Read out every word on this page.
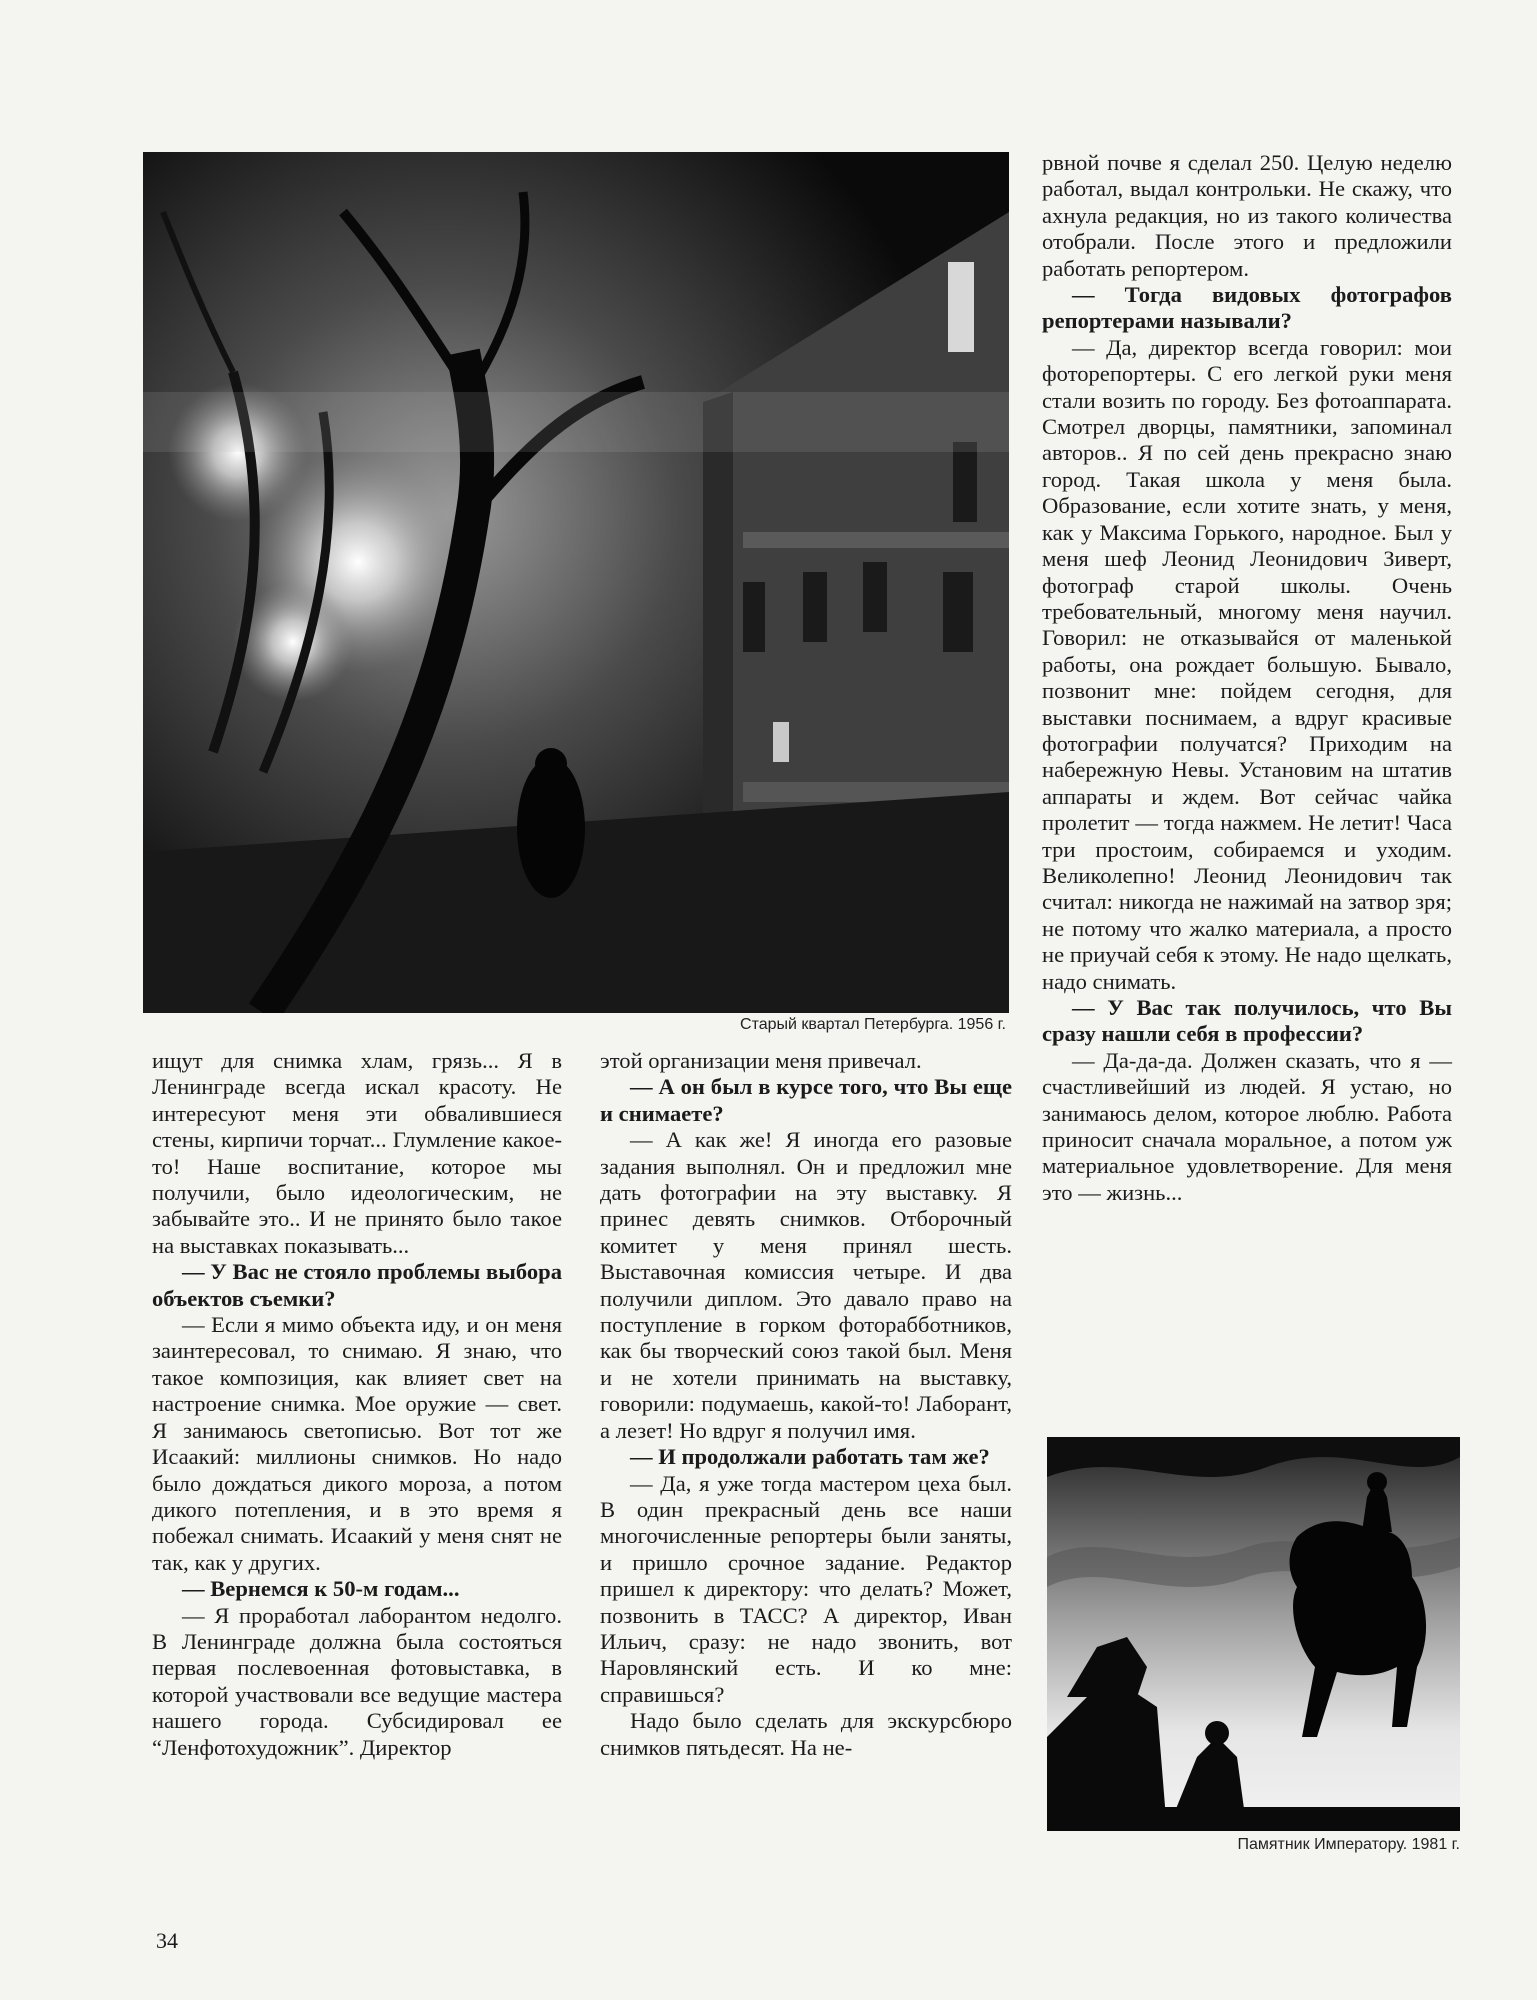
Старый квартал Петербурга. 1956 г.

ищут для снимка хлам, грязь... Я в Ленинграде всегда искал красоту. Не интересуют меня эти обвалившиеся стены, кирпичи торчат... Глумление какое-то! Наше воспитание, которое мы получили, было идеологическим, не забывайте это.. И не принято было такое на выставках показывать...

— У Вас не стояло проблемы выбора объектов съемки?

— Если я мимо объекта иду, и он меня заинтересовал, то снимаю. Я знаю, что такое композиция, как влияет свет на настроение снимка. Мое оружие — свет. Я занимаюсь светописью. Вот тот же Исаакий: миллионы снимков. Но надо было дождаться дикого мороза, а потом дикого потепления, и в это время я побежал снимать. Исаакий у меня снят не так, как у других.

— Вернемся к 50-м годам...

— Я проработал лаборантом недолго. В Ленинграде должна была состояться первая послевоенная фотовыставка, в которой участвовали все ведущие мастера нашего города. Субсидировал ее “Ленфотохудожник”. Директор

этой организации меня привечал.

— А он был в курсе того, что Вы еще и снимаете?

— А как же! Я иногда его разовые задания выполнял. Он и предложил мне дать фотографии на эту выставку. Я принес девять снимков. Отборочный комитет у меня принял шесть. Выставочная комиссия четыре. И два получили диплом. Это давало право на поступление в горком фоторабботников, как бы творческий союз такой был. Меня и не хотели принимать на выставку, говорили: подумаешь, какой-то! Лаборант, а лезет! Но вдруг я получил имя.

— И продолжали работать там же?

— Да, я уже тогда мастером цеха был. В один прекрасный день все наши многочисленные репортеры были заняты, и пришло срочное задание. Редактор пришел к директору: что делать? Может, позвонить в ТАСС? А директор, Иван Ильич, сразу: не надо звонить, вот Наровлянский есть. И ко мне: справишься?

Надо было сделать для экскурсбюро снимков пятьдесят. На не-

рвной почве я сделал 250. Целую неделю работал, выдал контрольки. Не скажу, что ахнула редакция, но из такого количества отобрали. После этого и предложили работать репортером.

— Тогда видовых фотографов репортерами называли?

— Да, директор всегда говорил: мои фоторепортеры. С его легкой руки меня стали возить по городу. Без фотоаппарата. Смотрел дворцы, памятники, запоминал авторов.. Я по сей день прекрасно знаю город. Такая школа у меня была. Образование, если хотите знать, у меня, как у Максима Горького, народное. Был у меня шеф Леонид Леонидович Зиверт, фотограф старой школы. Очень требовательный, многому меня научил. Говорил: не отказывайся от маленькой работы, она рождает большую. Бывало, позвонит мне: пойдем сегодня, для выставки поснимаем, а вдруг красивые фотографии получатся? Приходим на набережную Невы. Установим на штатив аппараты и ждем. Вот сейчас чайка пролетит — тогда нажмем. Не летит! Часа три простоим, собираемся и уходим. Великолепно! Леонид Леонидович так считал: никогда не нажимай на затвор зря; не потому что жалко материала, а просто не приучай себя к этому. Не надо щелкать, надо снимать.

— У Вас так получилось, что Вы сразу нашли себя в профессии?

— Да-да-да. Должен сказать, что я — счастливейший из людей. Я устаю, но занимаюсь делом, которое люблю. Работа приносит сначала моральное, а потом уж материальное удовлетворение. Для меня это — жизнь...

Памятник Императору. 1981 г.
34
